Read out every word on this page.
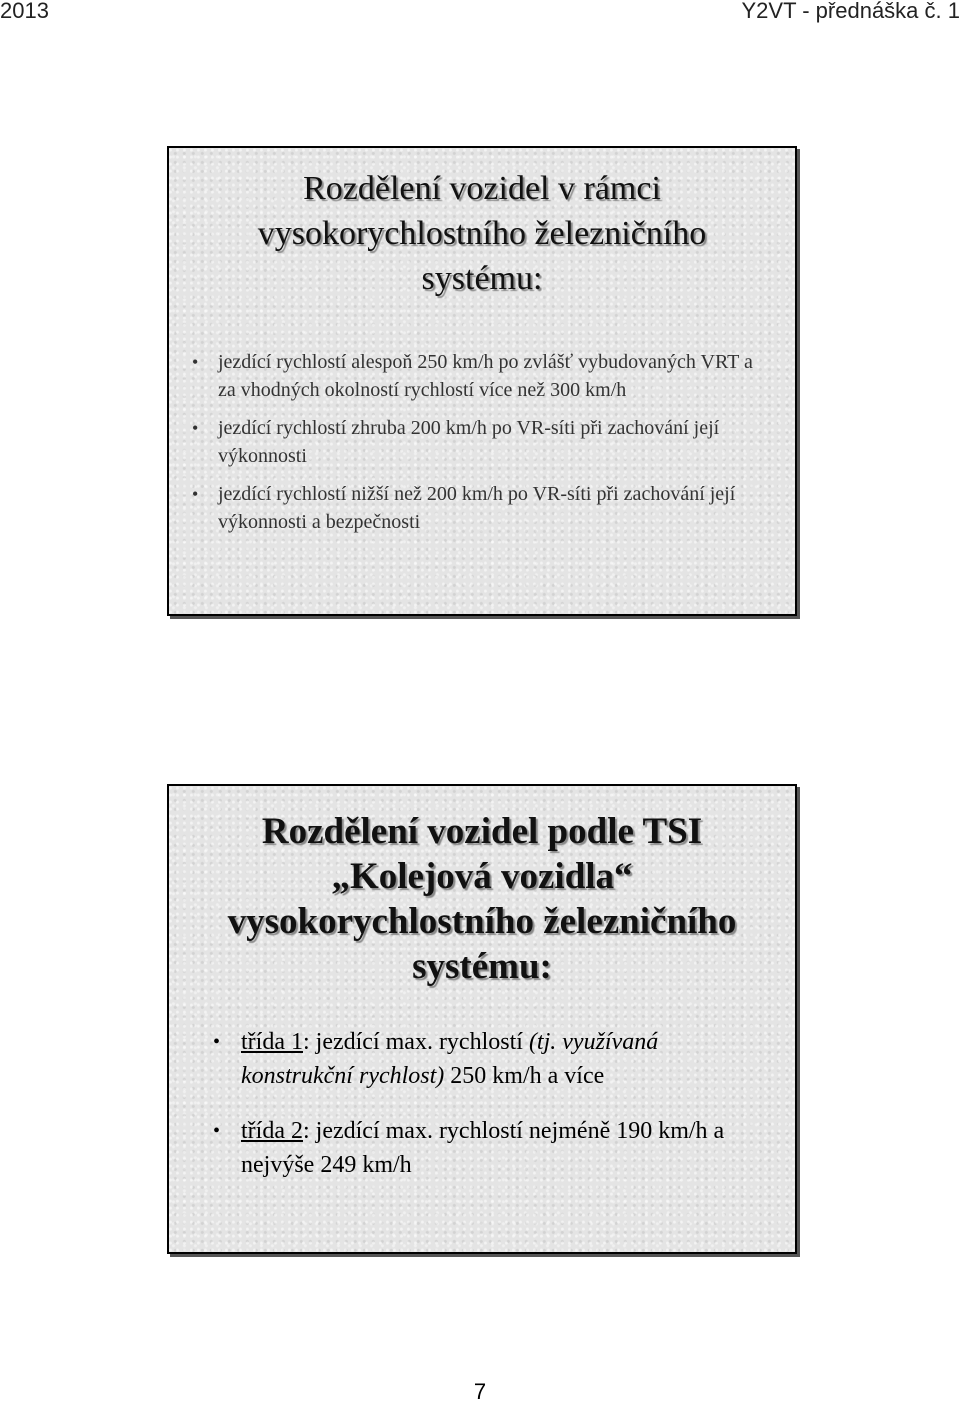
2013	Y2VT - přednáška č. 1
Rozdělení vozidel v rámci
vysokorychlostního železničního
systému:
• jezdící rychlostí alespoň 250 km/h po zvlášť vybudovaných VRT a za vhodných okolností rychlostí více než 300 km/h
• jezdící rychlostí zhruba 200 km/h po VR-síti při zachování její výkonnosti
• jezdící rychlostí nižší než 200 km/h po VR-síti při zachování její výkonnosti a bezpečnosti
Rozdělení vozidel podle TSI
„Kolejová vozidla“
vysokorychlostního železničního
systému:
• třída 1: jezdící max. rychlostí (tj. využívaná konstrukční rychlost) 250 km/h a více
• třída 2: jezdící max. rychlostí nejméně 190 km/h a nejvýše 249 km/h
7
